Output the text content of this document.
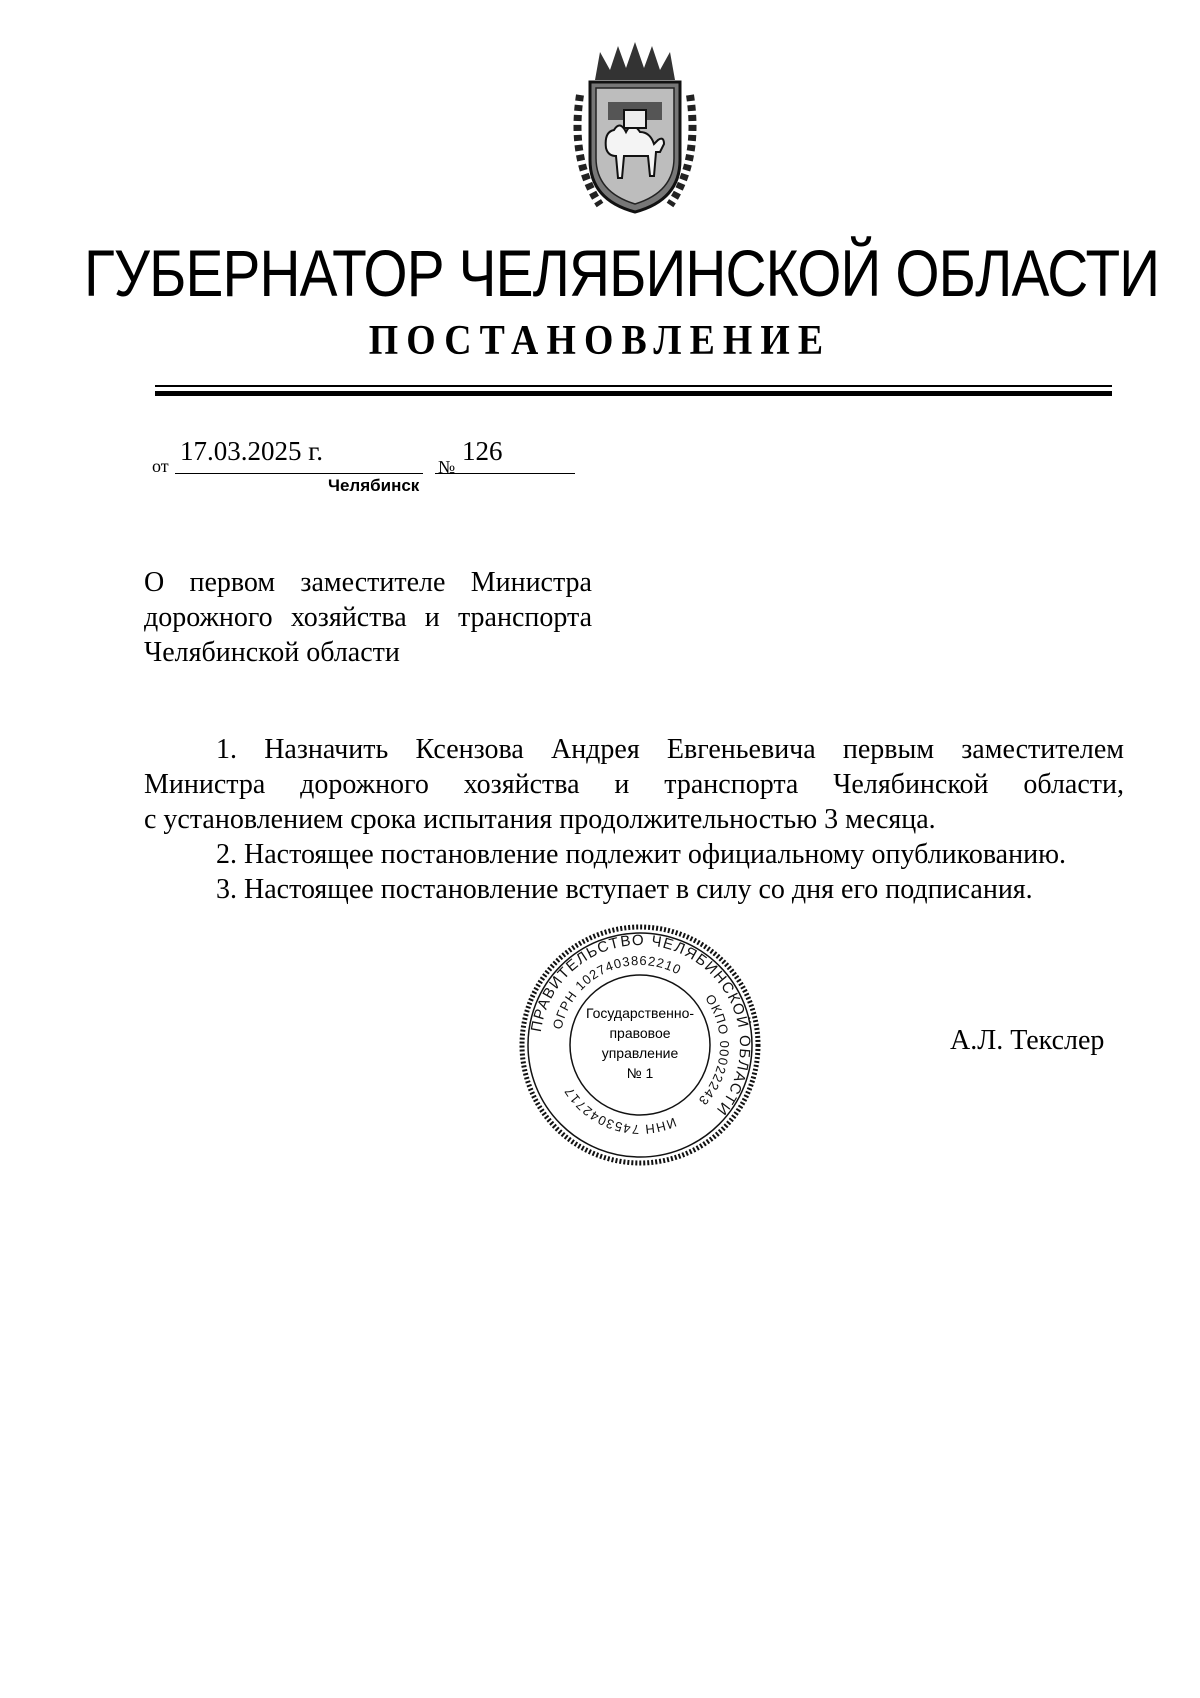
ГУБЕРНАТОР ЧЕЛЯБИНСКОЙ ОБЛАСТИ
ПОСТАНОВЛЕНИЕ
от 17.03.2025 г.
№
126
Челябинск
О первом заместителе Министра
дорожного хозяйства и транспорта
Челябинской области

1. Назначить Ксензова Андрея Евгеньевича первым заместителем
Министра дорожного хозяйства и транспорта Челябинской области,
с установлением срока испытания продолжительностью 3 месяца.

2. Настоящее постановление подлежит официальному опубликованию.

3. Настоящее постановление вступает в силу со дня его подписания.

ПРАВИТЕЛЬСТВО ЧЕЛЯБИНСКОЙ ОБЛАСТИ
ОГРН 1027403862210
ОКПО 00022243
ИНН 7453042717
Государственно-
правовое
управление
№ 1
А.Л. Текслер
